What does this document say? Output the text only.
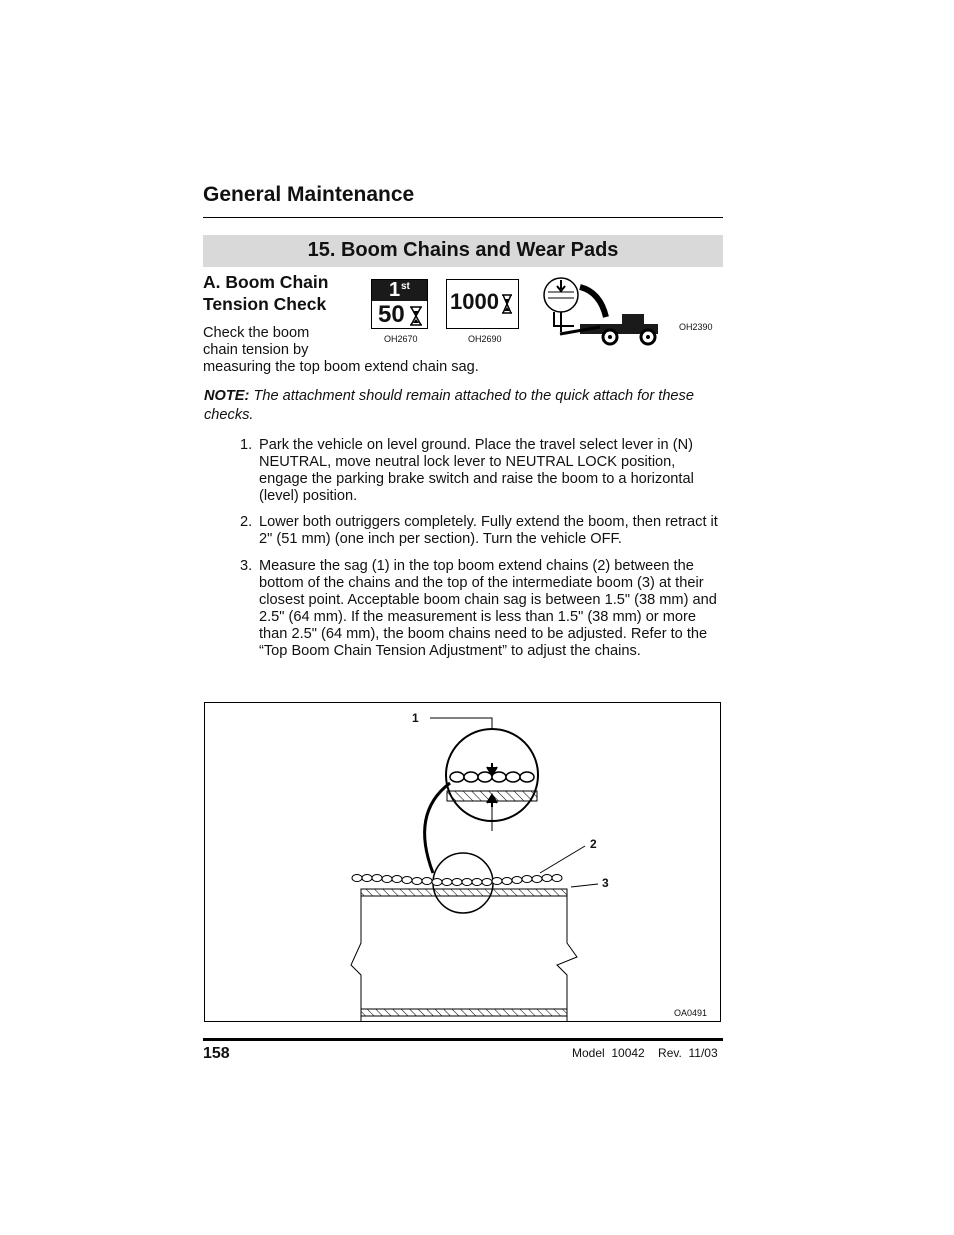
General Maintenance
15. Boom Chains and Wear Pads
A. Boom Chain
Tension Check
Check the boom
chain tension by
measuring the top boom extend chain sag.
1 st
50
OH2670
1000
OH2690
OH2390
NOTE: The attachment should remain attached to the quick attach for these checks.
1. Park the vehicle on level ground. Place the travel select lever in (N) NEUTRAL, move neutral lock lever to NEUTRAL LOCK position, engage the parking brake switch and raise the boom to a horizontal (level) position.
2. Lower both outriggers completely. Fully extend the boom, then retract it 2" (51 mm) (one inch per section). Turn the vehicle OFF.
3. Measure the sag (1) in the top boom extend chains (2) between the bottom of the chains and the top of the intermediate boom (3) at their closest point. Acceptable boom chain sag is between 1.5" (38 mm) and 2.5" (64 mm). If the measurement is less than 1.5" (38 mm) or more than 2.5" (64 mm), the boom chains need to be adjusted. Refer to the “Top Boom Chain Tension Adjustment” to adjust the chains.
1
2
3
OA0491
158	Model  10042    Rev.  11/03
